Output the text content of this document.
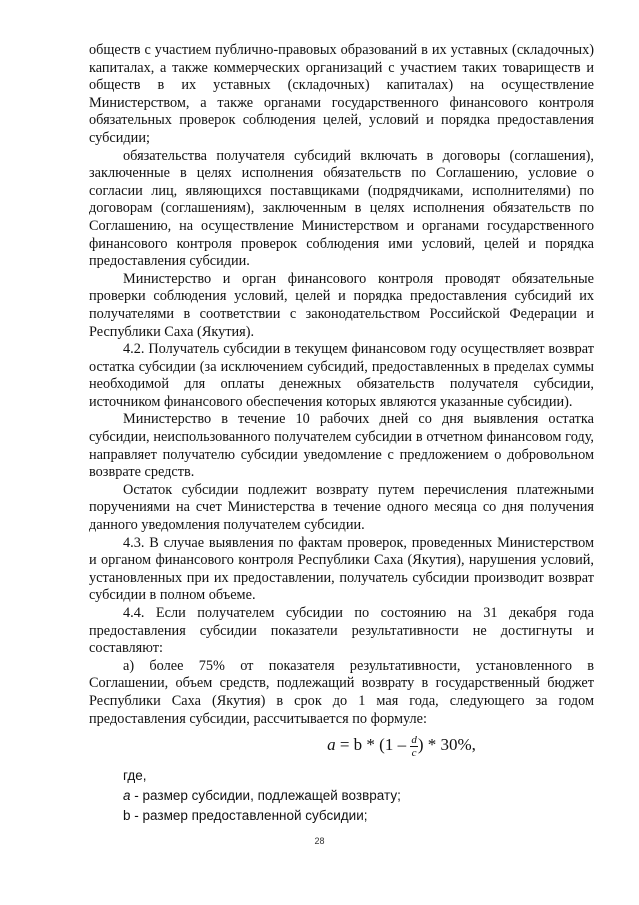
обществ с участием публично-правовых образований в их уставных (складочных) капиталах, а также коммерческих организаций с участием таких товариществ и обществ в их уставных (складочных) капиталах) на осуществление Министерством, а также органами государственного финансового контроля обязательных проверок соблюдения целей, условий и порядка предоставления субсидии;

обязательства получателя субсидий включать в договоры (соглашения), заключенные в целях исполнения обязательств по Соглашению, условие о согласии лиц, являющихся поставщиками (подрядчиками, исполнителями) по договорам (соглашениям), заключенным в целях исполнения обязательств по Соглашению, на осуществление Министерством и органами государственного финансового контроля проверок соблюдения ими условий, целей и порядка предоставления субсидии.

Министерство и орган финансового контроля проводят обязательные проверки соблюдения условий, целей и порядка предоставления субсидий их получателями в соответствии с законодательством Российской Федерации и Республики Саха (Якутия).

4.2. Получатель субсидии в текущем финансовом году осуществляет возврат остатка субсидии (за исключением субсидий, предоставленных в пределах суммы необходимой для оплаты денежных обязательств получателя субсидии, источником финансового обеспечения которых являются указанные субсидии).

Министерство в течение 10 рабочих дней со дня выявления остатка субсидии, неиспользованного получателем субсидии в отчетном финансовом году, направляет получателю субсидии уведомление с предложением о добровольном возврате средств.

Остаток субсидии подлежит возврату путем перечисления платежными поручениями на счет Министерства в течение одного месяца со дня получения данного уведомления получателем субсидии.

4.3. В случае выявления по фактам проверок, проведенных Министерством и органом финансового контроля Республики Саха (Якутия), нарушения условий, установленных при их предоставлении, получатель субсидии производит возврат субсидии в полном объеме.

4.4. Если получателем субсидии по состоянию на 31 декабря года предоставления субсидии показатели результативности не достигнуты и составляют:

а) более 75% от показателя результативности, установленного в Соглашении, объем средств, подлежащий возврату в государственный бюджет Республики Саха (Якутия) в срок до 1 мая года, следующего за годом предоставления субсидии, рассчитывается по формуле:

$a = b * (1 - \frac{d}{c}$ ) * 30%,
где,
a - размер субсидии, подлежащей возврату;
b - размер предоставленной субсидии;
28
